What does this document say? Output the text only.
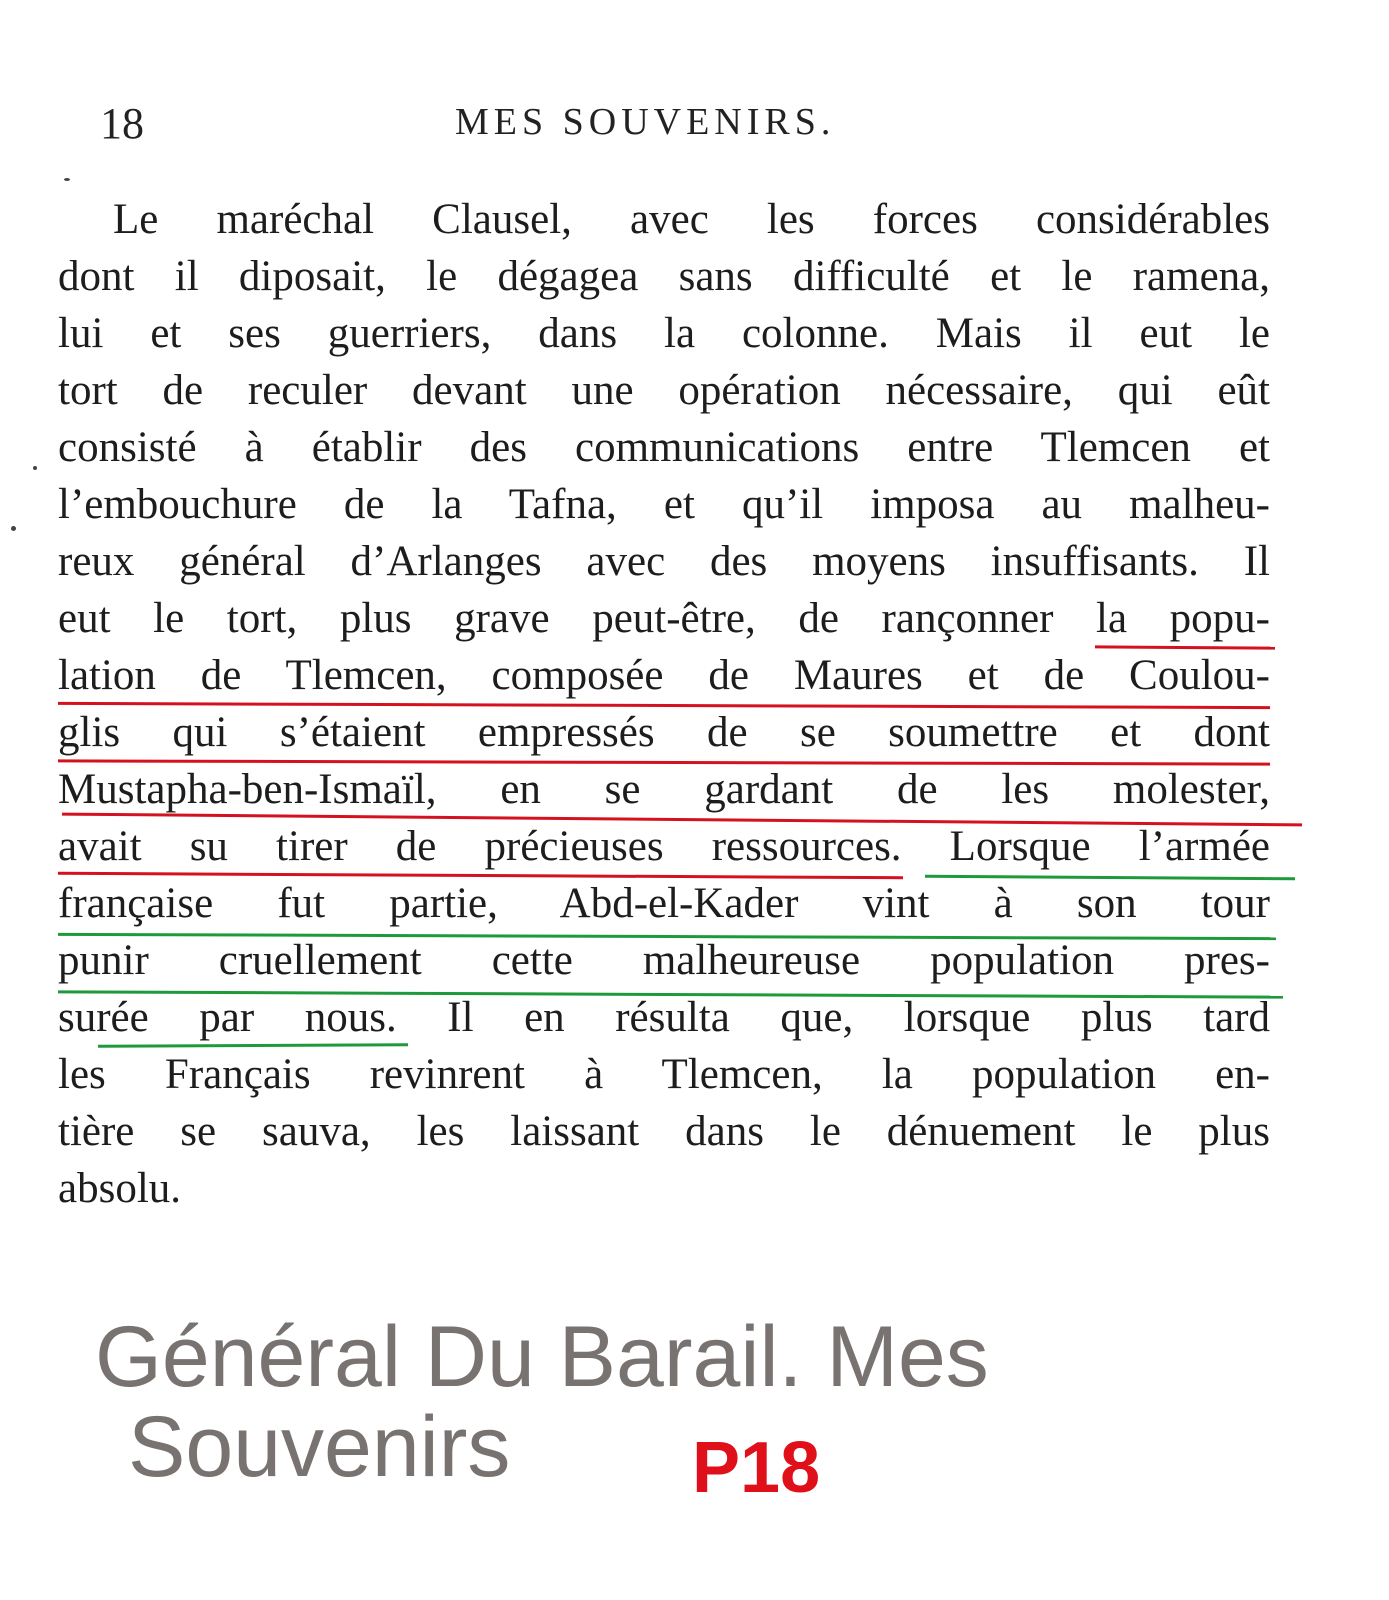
18	MES SOUVENIRS.
Le maréchal Clausel, avec les forces considérables
dont il diposait, le dégagea sans difficulté et le ramena,
lui et ses guerriers, dans la colonne. Mais il eut le
tort de reculer devant une opération nécessaire, qui eût
consisté à établir des communications entre Tlemcen et
l’embouchure de la Tafna, et qu’il imposa au malheu-
reux général d’Arlanges avec des moyens insuffisants. Il
eut le tort, plus grave peut-être, de rançonner la popu-
lation de Tlemcen, composée de Maures et de Coulou-
glis qui s’étaient empressés de se soumettre et dont
Mustapha-ben-Ismaïl, en se gardant de les molester,
avait su tirer de précieuses ressources. Lorsque l’armée
française fut partie, Abd-el-Kader vint à son tour
punir cruellement cette malheureuse population pres-
surée par nous. Il en résulta que, lorsque plus tard
les Français revinrent à Tlemcen, la population en-
tière se sauva, les laissant dans le dénuement le plus
absolu.
Général Du Barail. Mes
Souvenirs	P18
